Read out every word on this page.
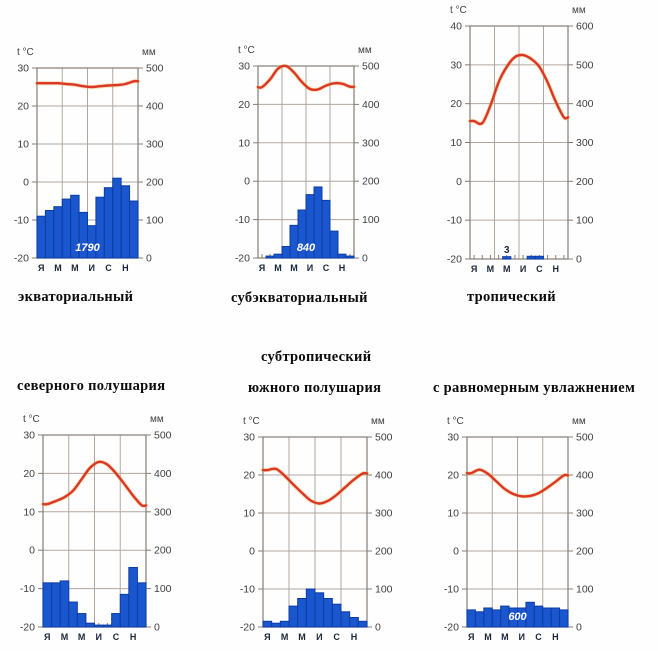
30	500
20	400
10	300
0	200
-10	100
-20	0
Я М М И С Н
t °C	мм
1790
30	500
20	400
10	300
0	200
-10	100
-20	0
Я М М И С Н
t °C	мм
840
40	600
30	500
20	400
10	300
0	200
-10	100
-20	0
Я М М И С Н
t °C	мм
3
экваториальный	субэкваториальный	тропический
субтропический
северного полушария	южного полушария	с равномерным увлажнением
30	500
20	400
10	300
0	200
-10	100
-20	0
Я М М И С Н
t °C	мм
30	500
20	400
10	300
0	200
-10	100
-20	0
Я М М И С Н
t °C	мм
30	500
20	400
10	300
0	200
-10	100
-20	0
Я М М И С Н
t °C	мм
600
